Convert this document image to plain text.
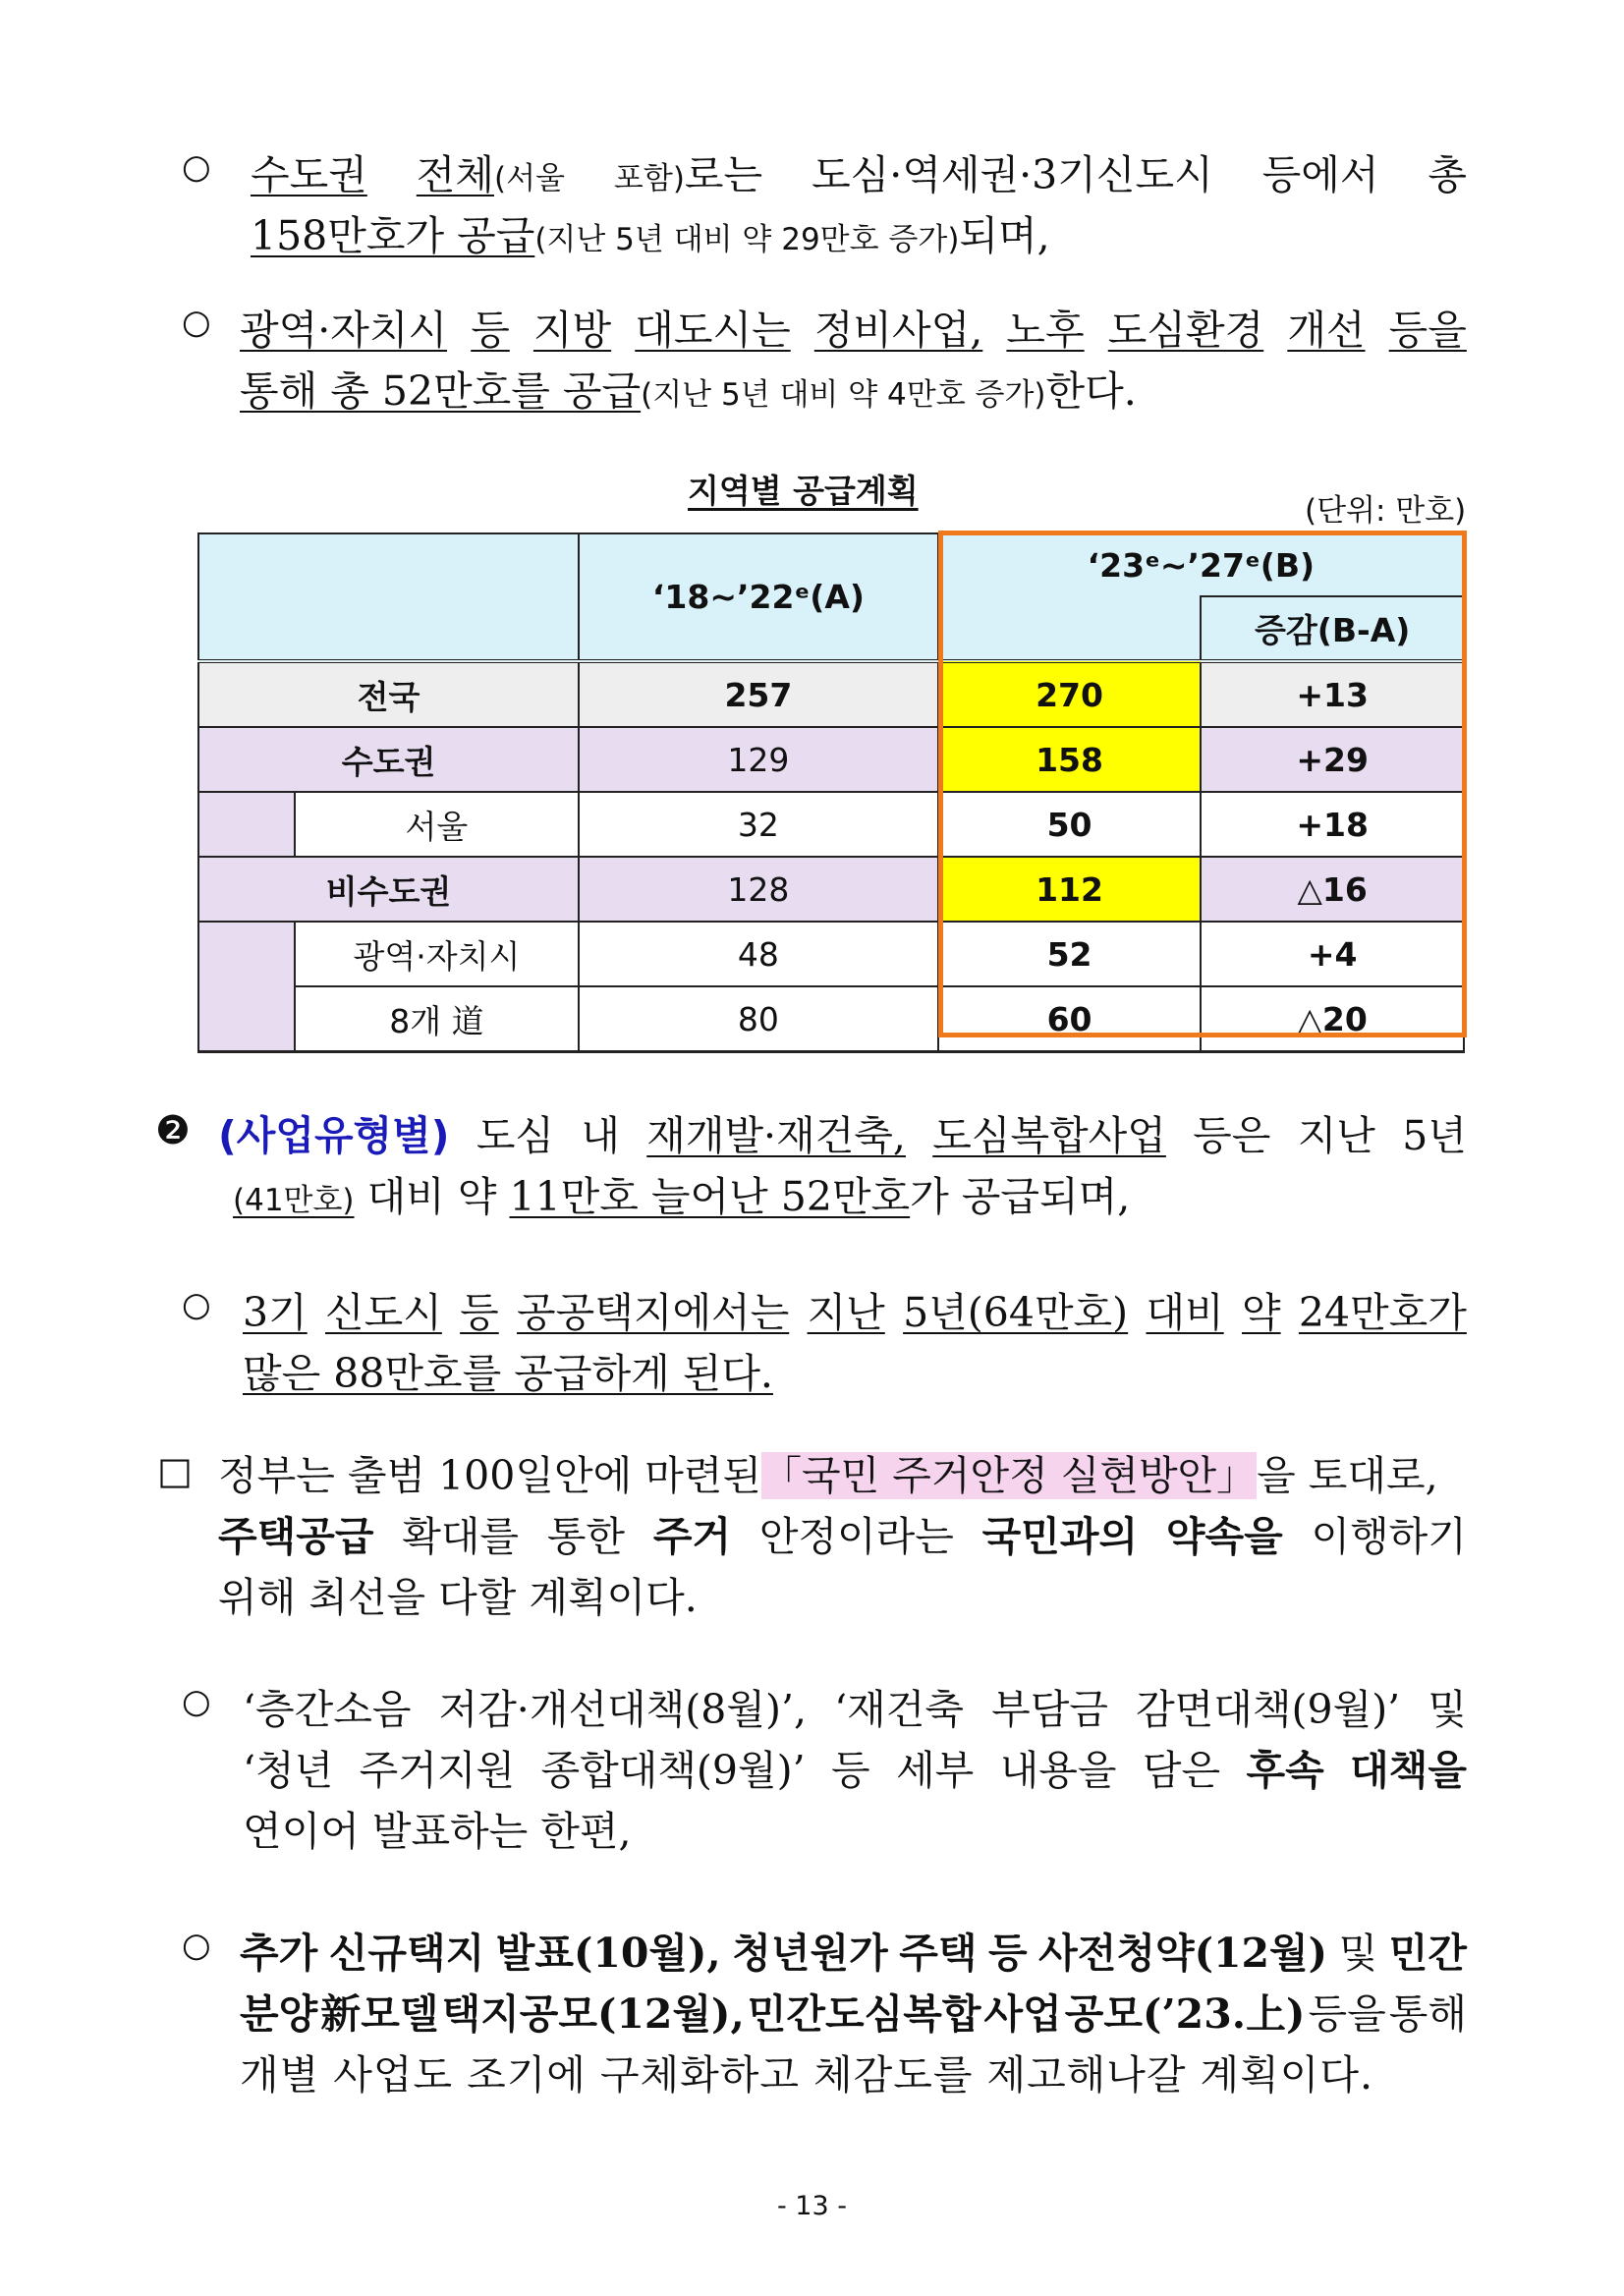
○ 수도권 전체(서울 포함)로는 도심·역세권·3기신도시 등에서 총
158만호가 공급(지난 5년 대비 약 29만호 증가)되며,
○ 광역·자치시 등 지방 대도시는 정비사업, 노후 도심환경 개선 등을
통해 총 52만호를 공급(지난 5년 대비 약 4만호 증가)한다.
지역별 공급계획
(단위: 만호)
		‘18~’22ᵉ(A)	‘23ᵉ~’27ᵉ(B)	
				증감(B-A)
전국		257	270	+13
수도권		129	158	+29
	서울	32	50	+18
비수도권		128	112	△16
	광역·자치시	48	52	+4
	8개 道	80	60	△20
❷ (사업유형별) 도심 내 재개발·재건축, 도심복합사업 등은 지난 5년
(41만호) 대비 약 11만호 늘어난 52만호가 공급되며,
○ 3기 신도시 등 공공택지에서는 지난 5년(64만호) 대비 약 24만호가
많은 88만호를 공급하게 된다.
□ 정부는 출범 100일안에 마련된「국민 주거안정 실현방안」을 토대로,
주택공급 확대를 통한 주거 안정이라는 국민과의 약속을 이행하기
위해 최선을 다할 계획이다.
○ ‘층간소음 저감·개선대책(8월)’, ‘재건축 부담금 감면대책(9월)’ 및
‘청년 주거지원 종합대책(9월)’ 등 세부 내용을 담은 후속 대책을
연이어 발표하는 한편,
○ 추가 신규택지 발표(10월), 청년원가 주택 등 사전청약(12월) 및 민간
분양 新모델 택지공모(12월), 민간도심복합 사업 공모(’23.上) 등을 통해
개별 사업도 조기에 구체화하고 체감도를 제고해나갈 계획이다.
- 13 -
